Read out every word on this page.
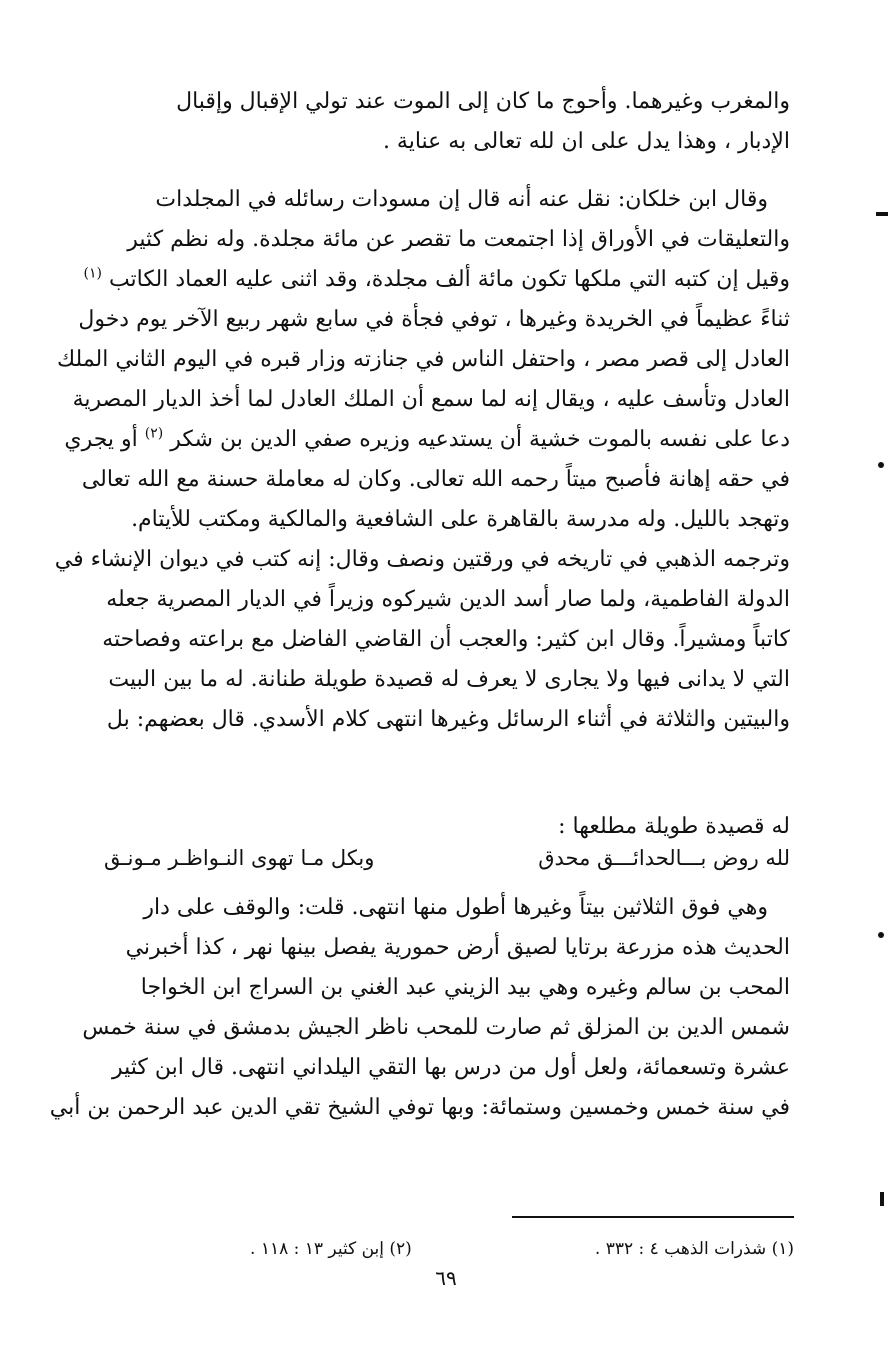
والمغرب وغيرهما. وأحوج ما كان إلى الموت عند تولي الإقبال وإقبال
الإدبار ، وهذا يدل على ان لله تعالى به عناية .
وقال ابن خلكان: نقل عنه أنه قال إن مسودات رسائله في المجلدات
والتعليقات في الأوراق إذا اجتمعت ما تقصر عن مائة مجلدة. وله نظم كثير
وقيل إن كتبه التي ملكها تكون مائة ألف مجلدة، وقد اثنى عليه العماد الكاتب $^{(١)}$
ثناءً عظيماً في الخريدة وغيرها ، توفي فجأة في سابع شهر ربيع الآخر يوم دخول
العادل إلى قصر مصر ، واحتفل الناس في جنازته وزار قبره في اليوم الثاني الملك
العادل وتأسف عليه ، ويقال إنه لما سمع أن الملك العادل لما أخذ الديار المصرية
دعا على نفسه بالموت خشية أن يستدعيه وزيره صفي الدين بن شكر $^{(٢)}$ أو يجري
في حقه إهانة فأصبح ميتاً رحمه الله تعالى. وكان له معاملة حسنة مع الله تعالى
وتهجد بالليل. وله مدرسة بالقاهرة على الشافعية والمالكية ومكتب للأيتام.
وترجمه الذهبي في تاريخه في ورقتين ونصف وقال: إنه كتب في ديوان الإنشاء في
الدولة الفاطمية، ولما صار أسد الدين شيركوه وزيراً في الديار المصرية جعله
كاتباً ومشيراً. وقال ابن كثير: والعجب أن القاضي الفاضل مع براعته وفصاحته
التي لا يدانى فيها ولا يجارى لا يعرف له قصيدة طويلة طنانة. له ما بين البيت
والبيتين والثلاثة في أثناء الرسائل وغيرها انتهى كلام الأسدي. قال بعضهم: بل
له قصيدة طويلة مطلعها :
لله روض بـــالحدائـــق محدق
وبكل مـا تهوى النـواظـر مـونـق
وهي فوق الثلاثين بيتاً وغيرها أطول منها انتهى. قلت: والوقف على دار
الحديث هذه مزرعة برتايا لصيق أرض حمورية يفصل بينها نهر ، كذا أخبرني
المحب بن سالم وغيره وهي بيد الزيني عبد الغني بن السراج ابن الخواجا
شمس الدين بن المزلق ثم صارت للمحب ناظر الجيش بدمشق في سنة خمس
عشرة وتسعمائة، ولعل أول من درس بها التقي اليلداني انتهى. قال ابن كثير
في سنة خمس وخمسين وستمائة: وبها توفي الشيخ تقي الدين عبد الرحمن بن أبي
(١) شذرات الذهب ٤ : ٣٣٢ .
(٢) إبن كثير ١٣ : ١١٨ .
٦٩
